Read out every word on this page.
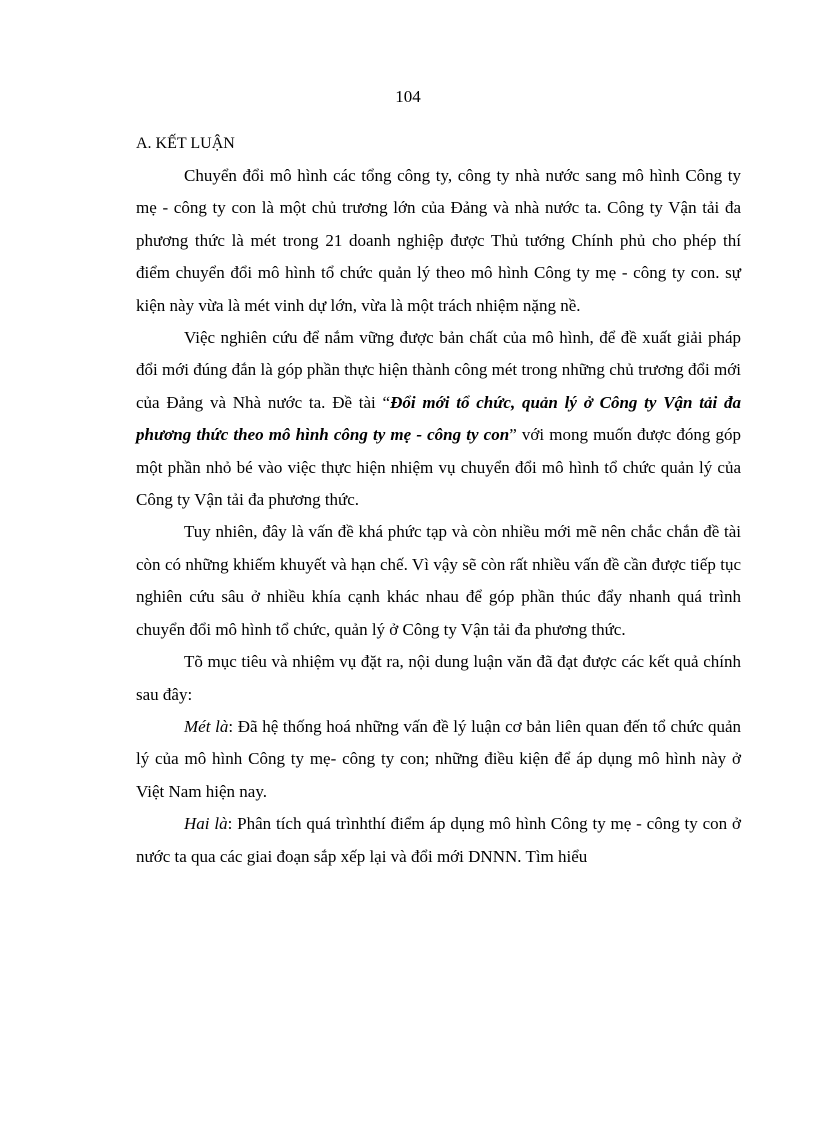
104
A. KẾT LUẬN

Chuyển đổi mô hình các tổng công ty, công ty nhà nước sang mô hình Công ty mẹ - công ty con là một chủ trương lớn của Đảng và nhà nước ta. Công ty Vận tải đa phương thức là mét trong 21 doanh nghiệp được Thủ tướng Chính phủ cho phép thí điểm chuyển đổi mô hình tổ chức quản lý theo mô hình Công ty mẹ - công ty con. sự kiện này vừa là mét vinh dự lớn, vừa là một trách nhiệm nặng nề.

Việc nghiên cứu để nắm vững được bản chất của mô hình, để đề xuất giải pháp đổi mới đúng đắn là góp phần thực hiện thành công mét trong những chủ trương đổi mới của Đảng và Nhà nước ta. Đề tài “Đổi mới tổ chức, quản lý ở Công ty Vận tải đa phương thức theo mô hình công ty mẹ - công ty con” với mong muốn được đóng góp một phần nhỏ bé vào việc thực hiện nhiệm vụ chuyển đổi mô hình tổ chức quản lý của Công ty Vận tải đa phương thức.

Tuy nhiên, đây là vấn đề khá phức tạp và còn nhiều mới mẽ nên chắc chắn đề tài còn có những khiếm khuyết và hạn chế. Vì vậy sẽ còn rất nhiều vấn đề cần được tiếp tục nghiên cứu sâu ở nhiều khía cạnh khác nhau để góp phần thúc đẩy nhanh quá trình chuyển đổi mô hình tổ chức, quản lý ở Công ty Vận tải đa phương thức.

Tõ mục tiêu và nhiệm vụ đặt ra, nội dung luận văn đã đạt được các kết quả chính sau đây:

Mét là: Đã hệ thống hoá những vấn đề lý luận cơ bản liên quan đến tổ chức quản lý của mô hình Công ty mẹ- công ty con; những điều kiện để áp dụng mô hình này ở Việt Nam hiện nay.

Hai là: Phân tích quá trìnhthí điểm áp dụng mô hình Công ty mẹ - công ty con ở nước ta qua các giai đoạn sắp xếp lại và đổi mới DNNN. Tìm hiểu
